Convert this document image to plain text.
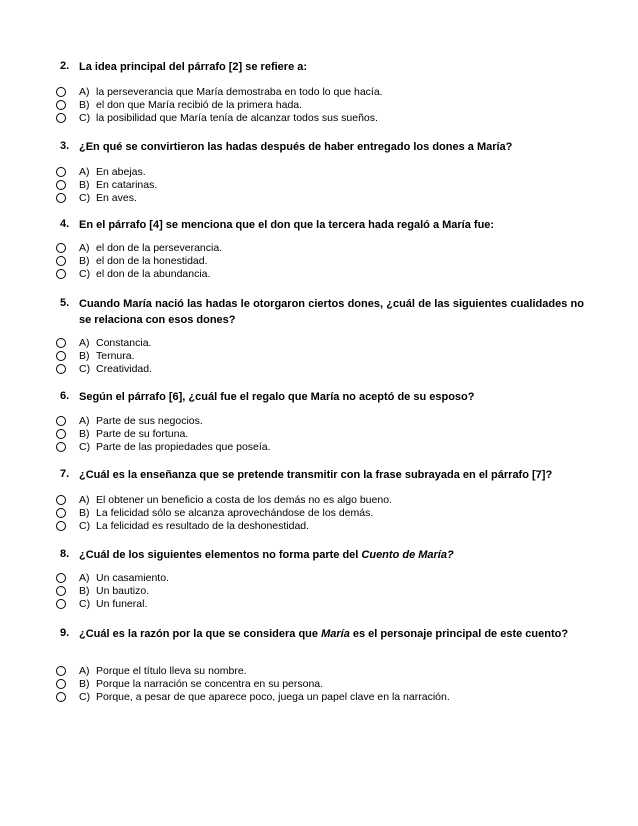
2. La idea principal del párrafo [2] se refiere a:
A) la perseverancia que María demostraba en todo lo que hacía.
B) el don que María recibió de la primera hada.
C) la posibilidad que María tenía de alcanzar todos sus sueños.
3. ¿En qué se convirtieron las hadas después de haber entregado los dones a María?
A) En abejas.
B) En catarinas.
C) En aves.
4. En el párrafo [4] se menciona que el don que la tercera hada regaló a María fue:
A) el don de la perseverancia.
B) el don de la honestidad.
C) el don de la abundancia.
5. Cuando María nació las hadas le otorgaron ciertos dones, ¿cuál de las siguientes cualidades no se relaciona con esos dones?
A) Constancia.
B) Ternura.
C) Creatividad.
6. Según el párrafo [6], ¿cuál fue el regalo que María no aceptó de su esposo?
A) Parte de sus negocios.
B) Parte de su fortuna.
C) Parte de las propiedades que poseía.
7. ¿Cuál es la enseñanza que se pretende transmitir con la frase subrayada en el párrafo [7]?
A) El obtener un beneficio a costa de los demás no es algo bueno.
B) La felicidad sólo se alcanza aprovechándose de los demás.
C) La felicidad es resultado de la deshonestidad.
8. ¿Cuál de los siguientes elementos no forma parte del Cuento de María?
A) Un casamiento.
B) Un bautizo.
C) Un funeral.
9. ¿Cuál es la razón por la que se considera que María es el personaje principal de este cuento?
A) Porque el título lleva su nombre.
B) Porque la narración se concentra en su persona.
C) Porque, a pesar de que aparece poco, juega un papel clave en la narración.
